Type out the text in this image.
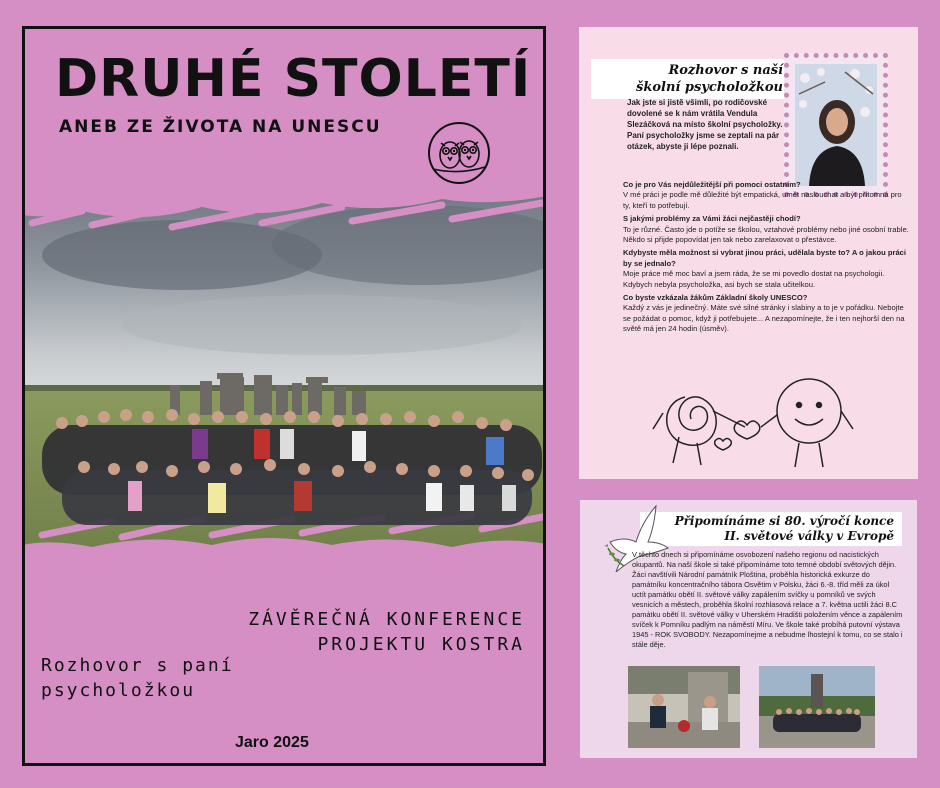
DRUHÉ STOLETÍ
ANEB ZE ŽIVOTA NA UNESCU
ZÁVĚREČNÁ KONFERENCE
PROJEKTU KOSTRA
Rozhovor s paní
psycholožkou
Jaro 2025
Rozhovor s naší
školní psycholožkou
Jak jste si jistě všimli, po rodičovské dovolené se k nám vrátila Vendula Slezáčková na místo školní psycholožky. Paní psycholožky jsme se zeptali na pár otázek, abyste ji lépe poznali.
Co je pro Vás nejdůležitější při pomoci ostatním?
V mé práci je podle mě důležité být empatická, umět naslouchat a být přítomná pro ty, kteří to potřebují.
S jakými problémy za Vámi žáci nejčastěji chodí?
To je různé. Často jde o potíže se školou, vztahové problémy nebo jiné osobní trable. Někdo si přijde popovídat jen tak nebo zarelaxovat o přestávce.
Kdybyste měla možnost si vybrat jinou práci, udělala byste to? A o jakou práci by se jednalo?
Moje práce mě moc baví a jsem ráda, že se mi povedlo dostat na psychologii. Kdybych nebyla psycholožka, asi bych se stala učitelkou.
Co byste vzkázala žákům Základní školy UNESCO?
Každý z vás je jedinečný. Máte své silné stránky i slabiny a to je v pořádku. Nebojte se požádat o pomoc, když ji potřebujete... A nezapomínejte, že i ten nejhorší den na světě má jen 24 hodin (úsměv).
Připomínáme si 80. výročí konce
II. světové války v Evropě
V těchto dnech si připomínáme osvobození našeho regionu od nacistických okupantů. Na naší škole si také připomínáme toto temné období světových dějin. Žáci navštívili Národní památník Ploština, proběhla historická exkurze do památníku koncentračního tábora Osvětim v Polsku, žáci 6.-8. tříd měli za úkol uctít památku obětí II. světové války zapálením svíčky u pomníků ve svých vesnicích a městech, proběhla školní rozhlasová relace a 7. května uctili žáci 8.C památku obětí II. světové války v Uherském Hradišti položením věnce a zapálením svíček k Pomníku padlým na náměstí Míru. Ve škole také probíhá putovní výstava 1945 - ROK SVOBODY. Nezapomínejme a nebudme lhostejní k tomu, co se stalo i stále děje.
